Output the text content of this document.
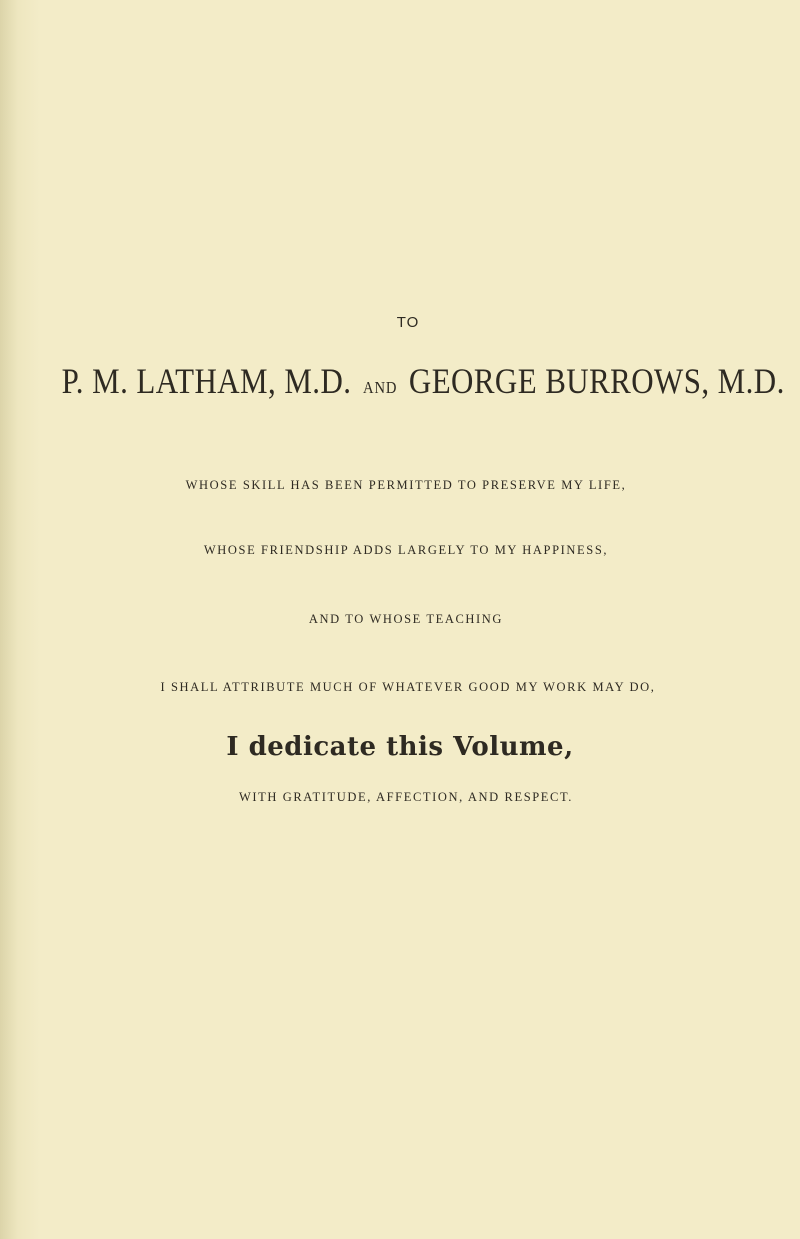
TO
P. M. LATHAM, M.D. AND GEORGE BURROWS, M.D.
WHOSE SKILL HAS BEEN PERMITTED TO PRESERVE MY LIFE,
WHOSE FRIENDSHIP ADDS LARGELY TO MY HAPPINESS,
AND TO WHOSE TEACHING
I SHALL ATTRIBUTE MUCH OF WHATEVER GOOD MY WORK MAY DO,
I dedicate this Volume,
WITH GRATITUDE, AFFECTION, AND RESPECT.
